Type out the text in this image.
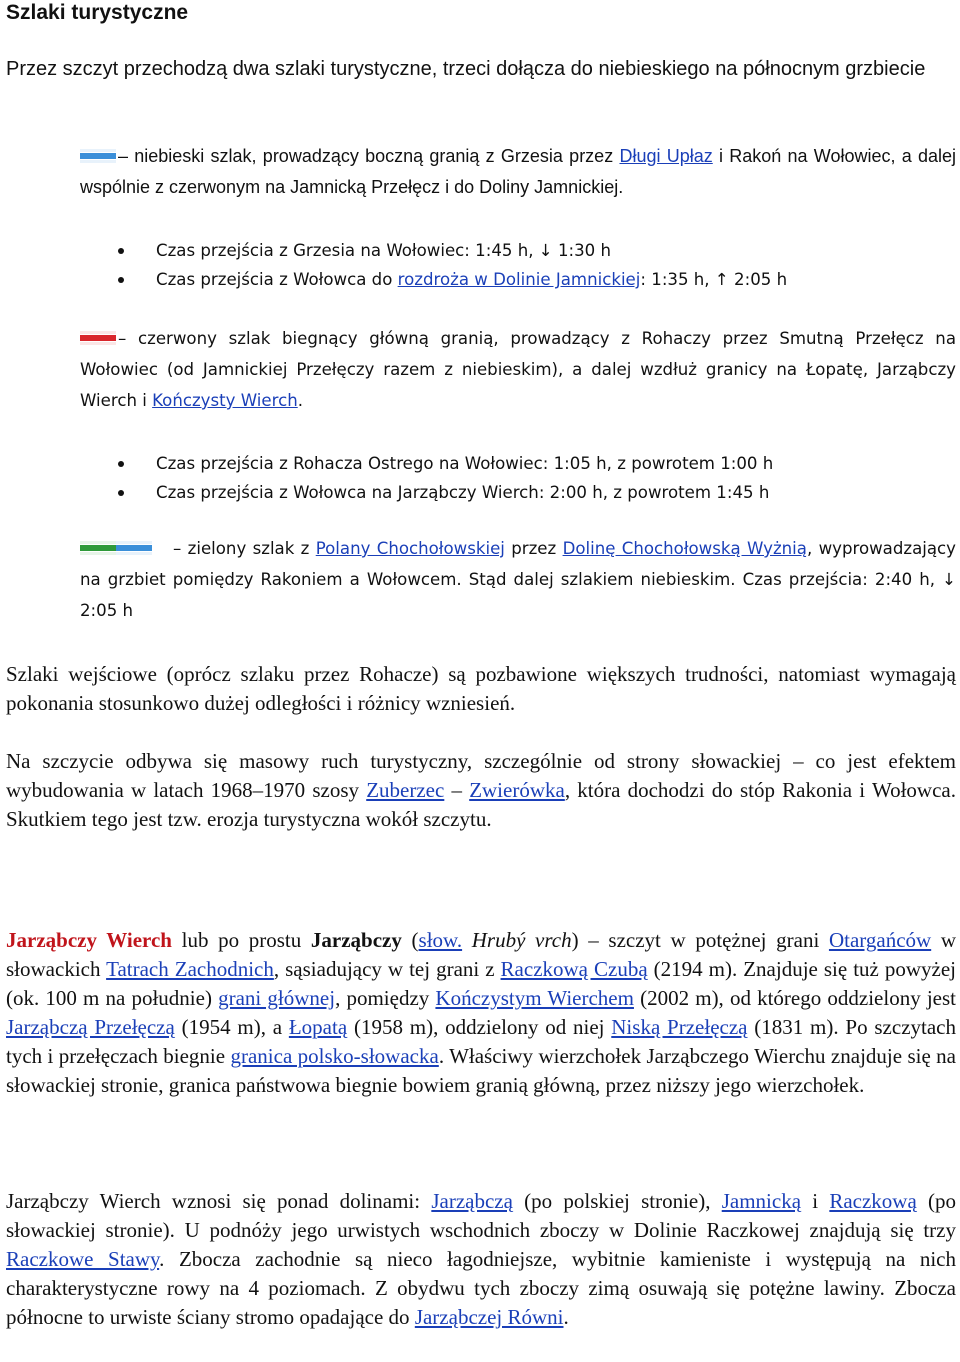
Szlaki turystyczne
Przez szczyt przechodzą dwa szlaki turystyczne, trzeci dołącza do niebieskiego na północnym grzbiecie
– niebieski szlak, prowadzący boczną granią z Grzesia przez Długi Upłaz i Rakoń na Wołowiec, a dalej wspólnie z czerwonym na Jamnicką Przełęcz i do Doliny Jamnickiej.
Czas przejścia z Grzesia na Wołowiec: 1:45 h, ↓ 1:30 h
Czas przejścia z Wołowca do rozdroża w Dolinie Jamnickiej: 1:35 h, ↑ 2:05 h
– czerwony szlak biegnący główną granią, prowadzący z Rohaczy przez Smutną Przełęcz na Wołowiec (od Jamnickiej Przełęczy razem z niebieskim), a dalej wzdłuż granicy na Łopatę, Jarząbczy Wierch i Kończysty Wierch.
Czas przejścia z Rohacza Ostrego na Wołowiec: 1:05 h, z powrotem 1:00 h
Czas przejścia z Wołowca na Jarząbczy Wierch: 2:00 h, z powrotem 1:45 h
– zielony szlak z Polany Chochołowskiej przez Dolinę Chochołowską Wyżnią, wyprowadzający na grzbiet pomiędzy Rakoniem a Wołowcem. Stąd dalej szlakiem niebieskim. Czas przejścia: 2:40 h, ↓ 2:05 h

Szlaki wejściowe (oprócz szlaku przez Rohacze) są pozbawione większych trudności, natomiast wymagają pokonania stosunkowo dużej odległości i różnicy wzniesień.

Na szczycie odbywa się masowy ruch turystyczny, szczególnie od strony słowackiej – co jest efektem wybudowania w latach 1968–1970 szosy Zuberzec – Zwierówka, która dochodzi do stóp Rakonia i Wołowca. Skutkiem tego jest tzw. erozja turystyczna wokół szczytu.

Jarząbczy Wierch lub po prostu Jarząbczy (słow. Hrubý vrch) – szczyt w potężnej grani Otargańców w słowackich Tatrach Zachodnich, sąsiadujący w tej grani z Raczkową Czubą (2194 m). Znajduje się tuż powyżej (ok. 100 m na południe) grani głównej, pomiędzy Kończystym Wierchem (2002 m), od którego oddzielony jest Jarząbczą Przełęczą (1954 m), a Łopatą (1958 m), oddzielony od niej Niską Przełęczą (1831 m). Po szczytach tych i przełęczach biegnie granica polsko-słowacka. Właściwy wierzchołek Jarząbczego Wierchu znajduje się na słowackiej stronie, granica państwowa biegnie bowiem granią główną, przez niższy jego wierzchołek.

Jarząbczy Wierch wznosi się ponad dolinami: Jarząbczą (po polskiej stronie), Jamnicką i Raczkową (po słowackiej stronie). U podnóży jego urwistych wschodnich zboczy w Dolinie Raczkowej znajdują się trzy Raczkowe Stawy. Zbocza zachodnie są nieco łagodniejsze, wybitnie kamieniste i występują na nich charakterystyczne rowy na 4 poziomach. Z obydwu tych zboczy zimą osuwają się potężne lawiny. Zbocza północne to urwiste ściany stromo opadające do Jarząbczej Równi.
